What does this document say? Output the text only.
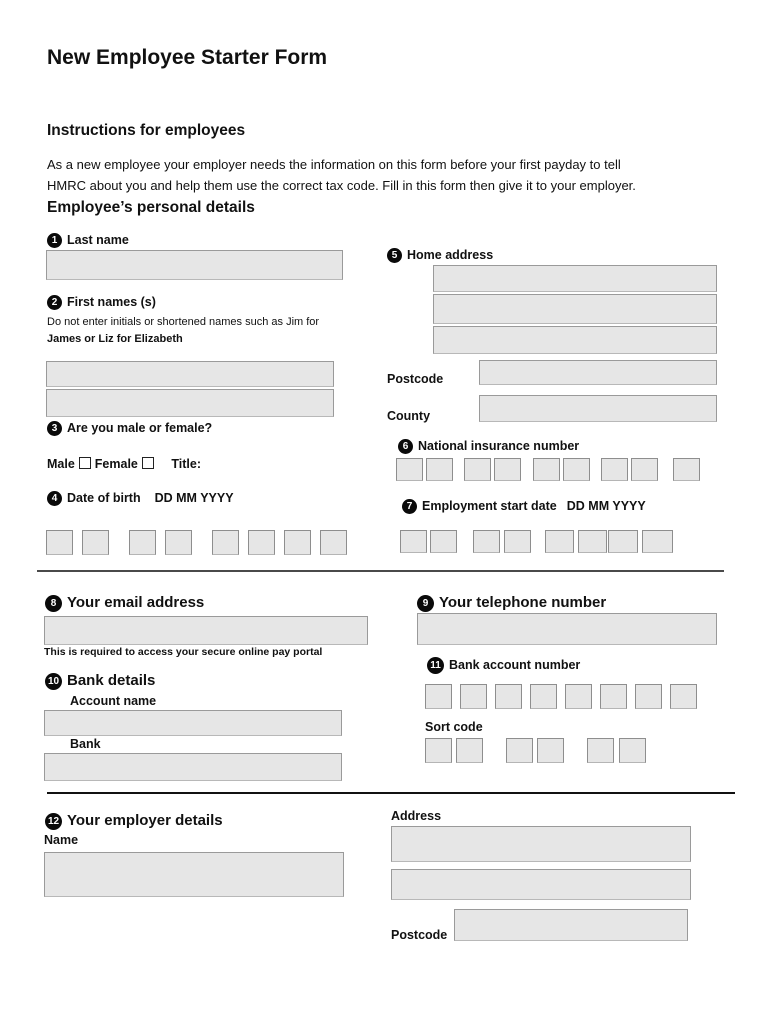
New Employee Starter Form
Instructions for employees
As a new employee your employer needs the information on this form before your first payday to tell
HMRC about you and help them use the correct tax code. Fill in this form then give it to your employer.
Employee’s personal details
1 Last name
2 First names (s)
Do not enter initials or shortened names such as Jim for
James or Liz for Elizabeth
3 Are you male or female?
Male Female	Title:
4 Date of birth DD MM YYYY
5 Home address
Postcode
County
6 National insurance number
7 Employment start date DD MM YYYY
8 Your email address
This is required to access your secure online pay portal
9 Your telephone number
10 Bank details
Account name
Bank
11 Bank account number
Sort code
12 Your employer details
Name
Address
Postcode
